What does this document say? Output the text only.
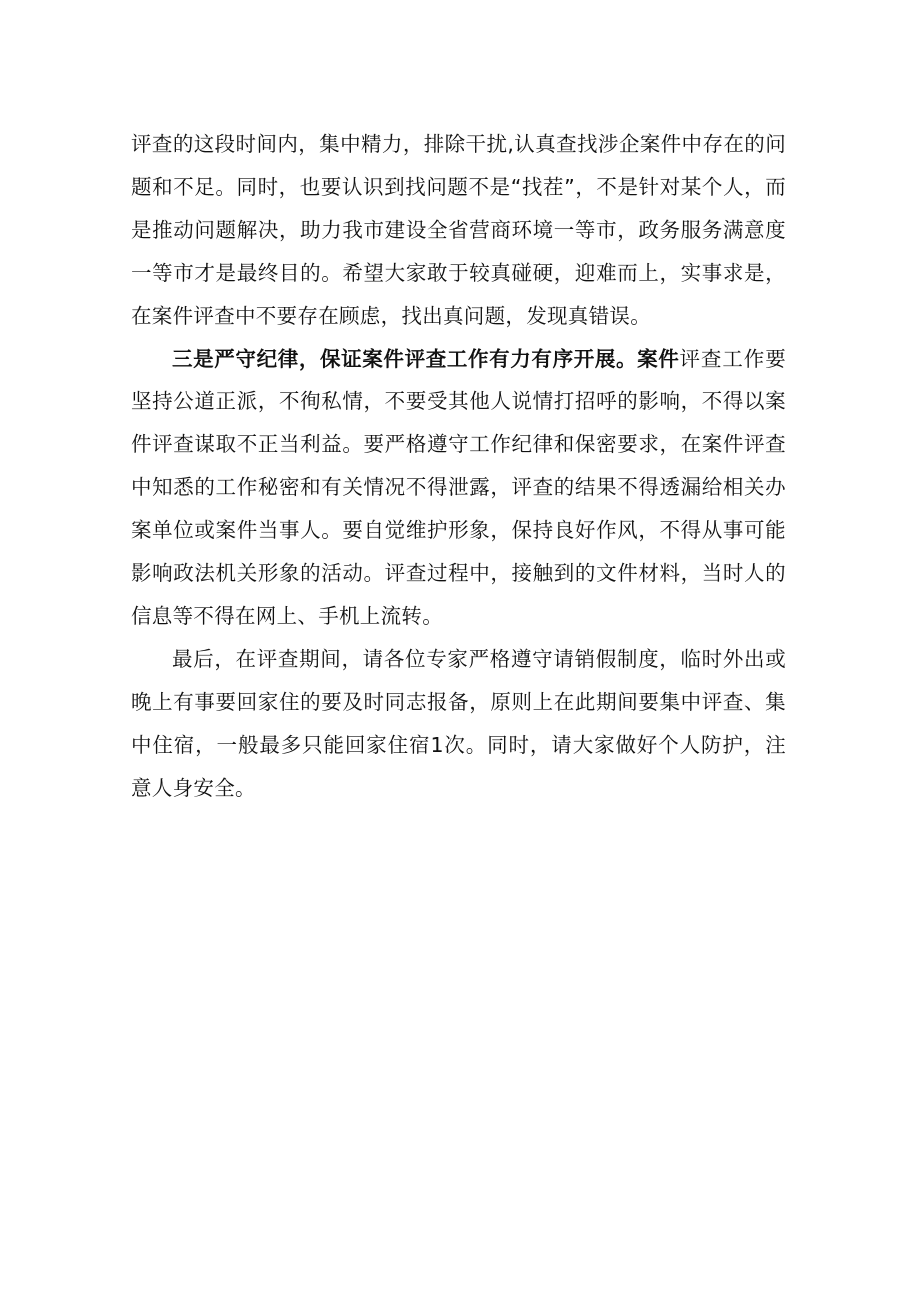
评查的这段时间内，集中精力，排除干扰,认真查找涉企案件中存在的问题和不足。同时，也要认识到找问题不是“找茬”，不是针对某个人，而是推动问题解决，助力我市建设全省营商环境一等市，政务服务满意度一等市才是最终目的。希望大家敢于较真碰硬，迎难而上，实事求是，在案件评查中不要存在顾虑，找出真问题，发现真错误。

三是严守纪律，保证案件评查工作有力有序开展。案件评查工作要坚持公道正派，不徇私情，不要受其他人说情打招呼的影响，不得以案件评查谋取不正当利益。要严格遵守工作纪律和保密要求，在案件评查中知悉的工作秘密和有关情况不得泄露，评查的结果不得透漏给相关办案单位或案件当事人。要自觉维护形象，保持良好作风，不得从事可能影响政法机关形象的活动。评查过程中，接触到的文件材料，当时人的信息等不得在网上、手机上流转。

最后，在评查期间，请各位专家严格遵守请销假制度，临时外出或晚上有事要回家住的要及时同志报备，原则上在此期间要集中评查、集中住宿，一般最多只能回家住宿1次。同时，请大家做好个人防护，注意人身安全。
